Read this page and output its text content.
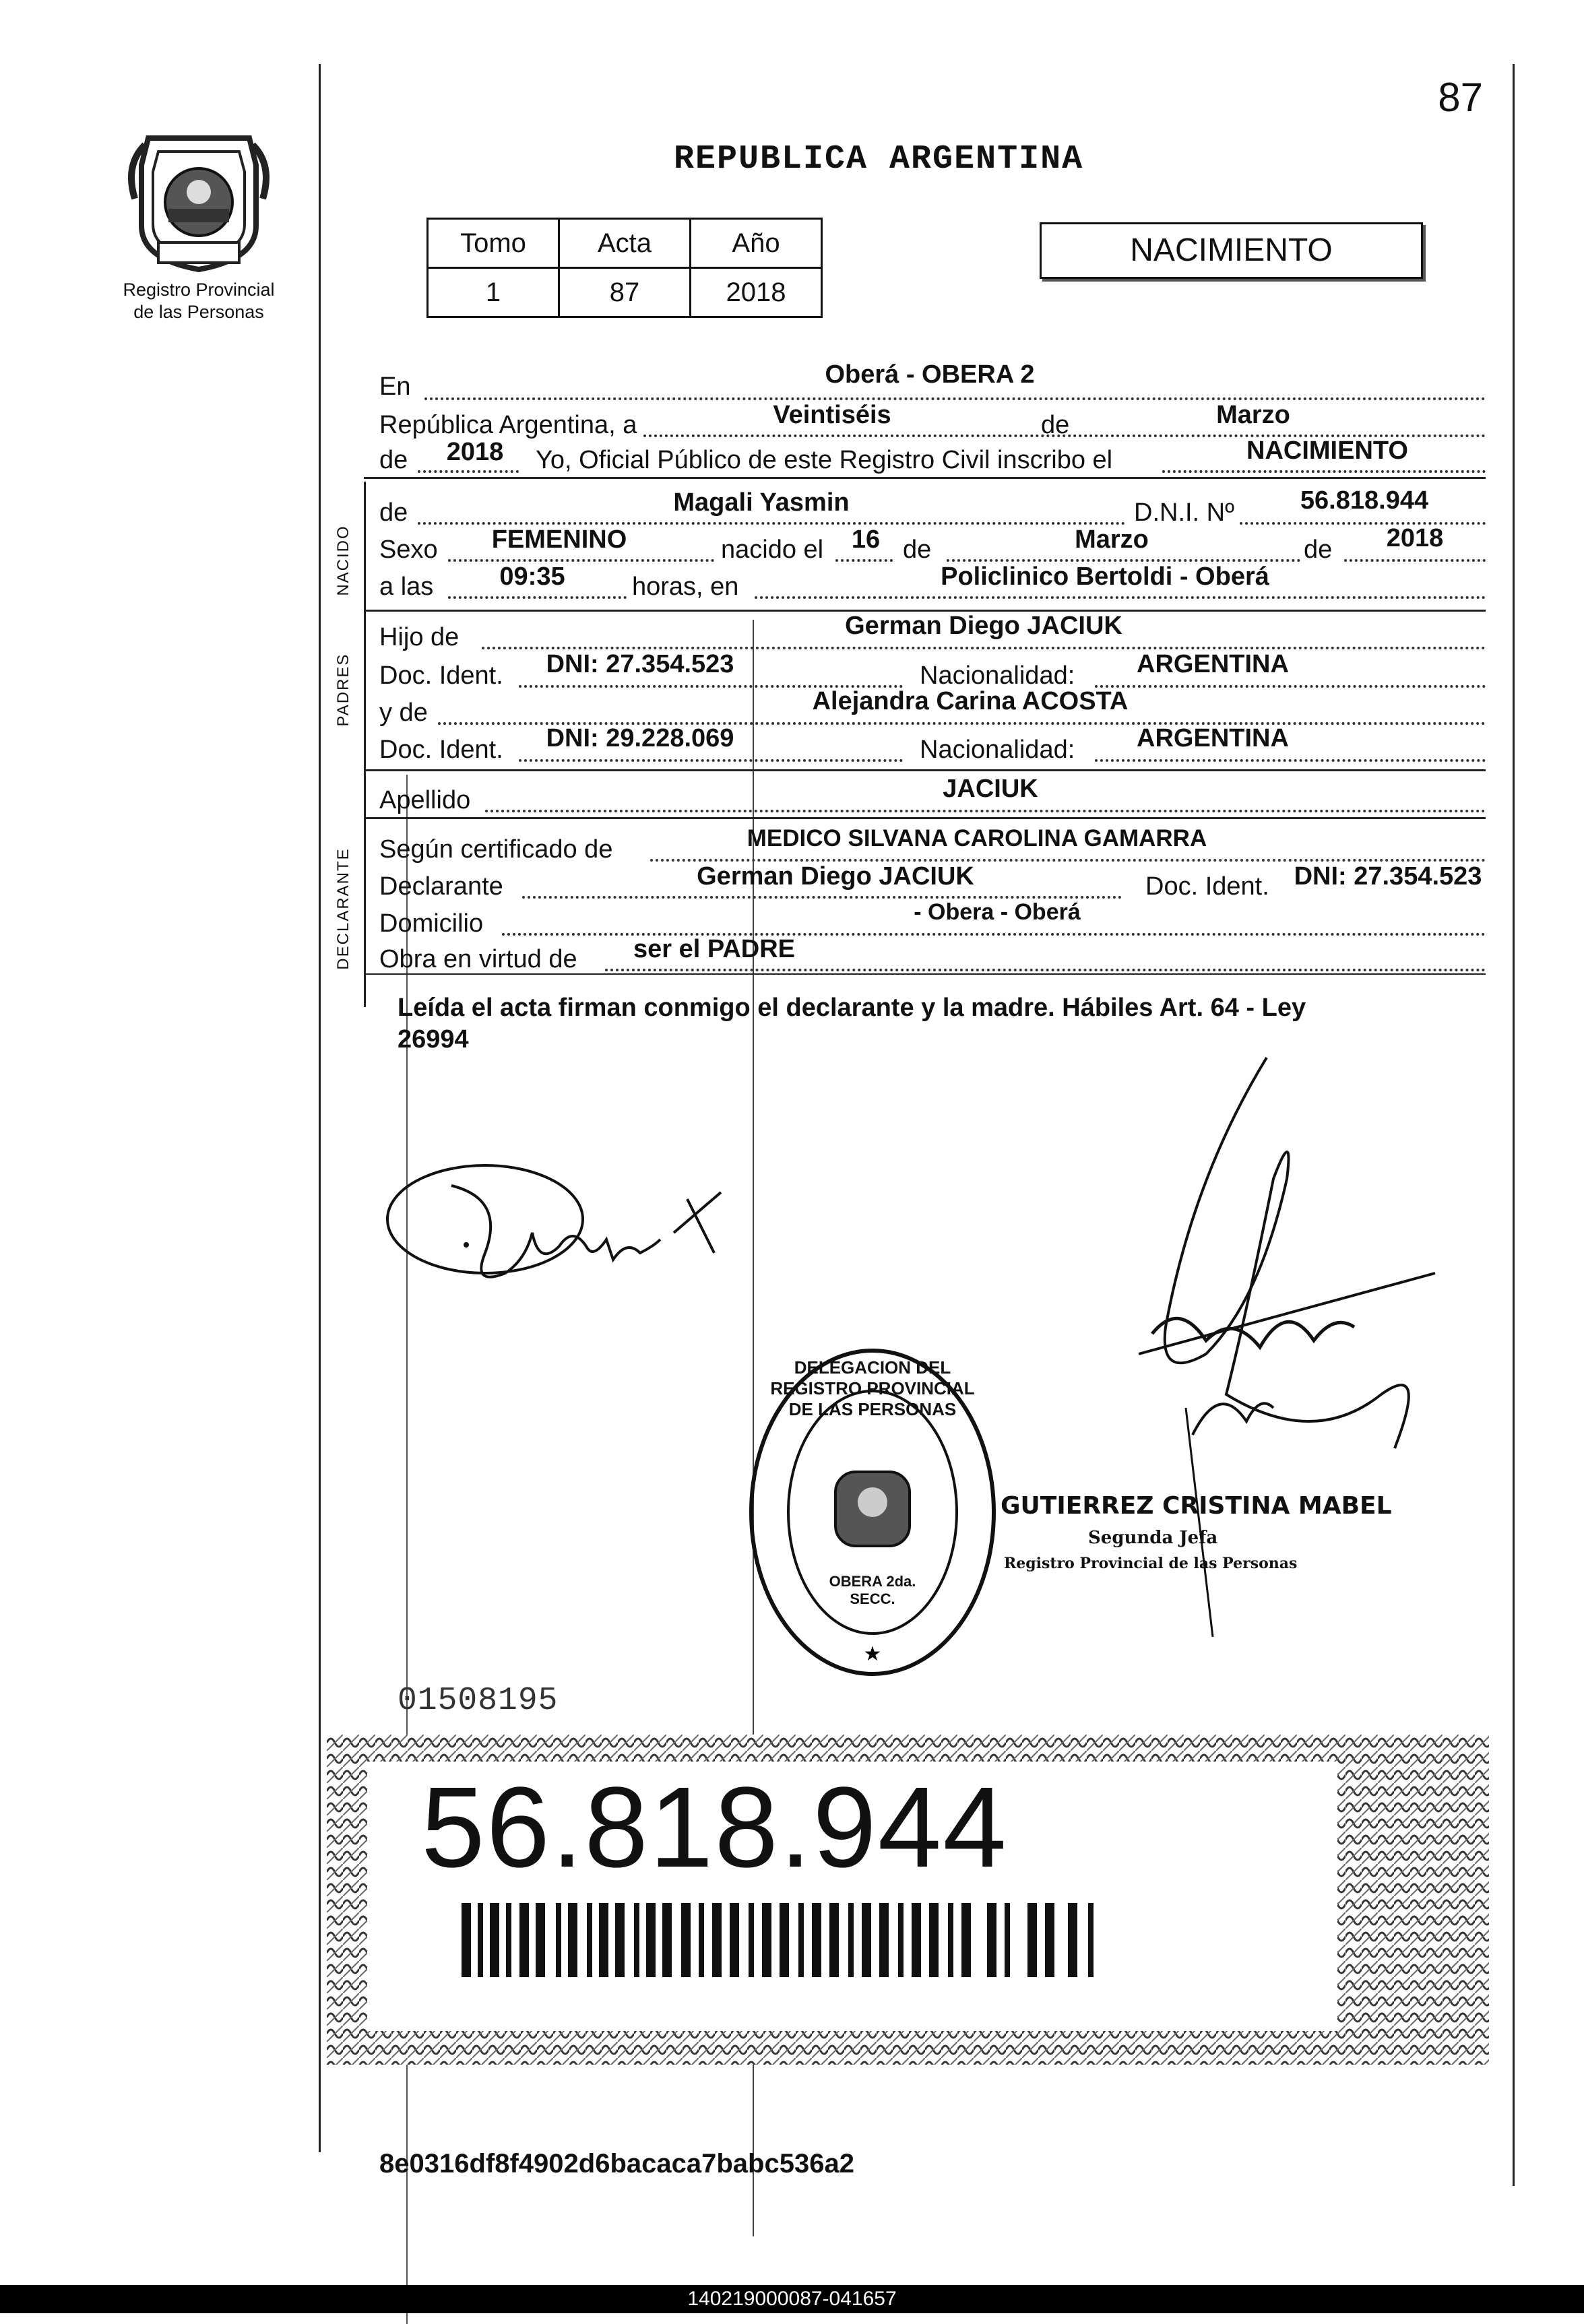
87
Registro Provincial
de las Personas
REPUBLICA ARGENTINA
Tomo	Acta	Año
1	87	2018
NACIMIENTO
En	Oberá - OBERA 2
República Argentina, a	Veintiséis	de	Marzo
de	2018	Yo, Oficial Público de este Registro Civil inscribo el	NACIMIENTO
NACIDO
de	Magali Yasmin	D.N.I. Nº	56.818.944
Sexo	FEMENINO	nacido el	16 de	Marzo	de	2018
a las	09:35	horas, en	Policlinico Bertoldi - Oberá
PADRES
Hijo de	German Diego JACIUK
Doc. Ident.	DNI: 27.354.523	Nacionalidad:	ARGENTINA
y de	Alejandra Carina ACOSTA
Doc. Ident.	DNI: 29.228.069	Nacionalidad:	ARGENTINA
Apellido	JACIUK
DECLARANTE Según certificado de	MEDICO SILVANA CAROLINA GAMARRA
Declarante	German Diego JACIUK	Doc. Ident. DNI: 27.354.523
Domicilio	- Obera - Oberá
Obra en virtud de	ser el PADRE
Leída el acta firman conmigo el declarante y la madre. Hábiles Art. 64 - Ley
26994
★
DELEGACION DEL REGISTRO PROVINCIAL DE LAS PERSONAS
OBERA 2da. SECC.
GUTIERREZ CRISTINA MABEL
Segunda Jefa
Registro Provincial de las Personas
01508195
56.818.944
8e0316df8f4902d6bacaca7babc536a2
140219000087-041657
